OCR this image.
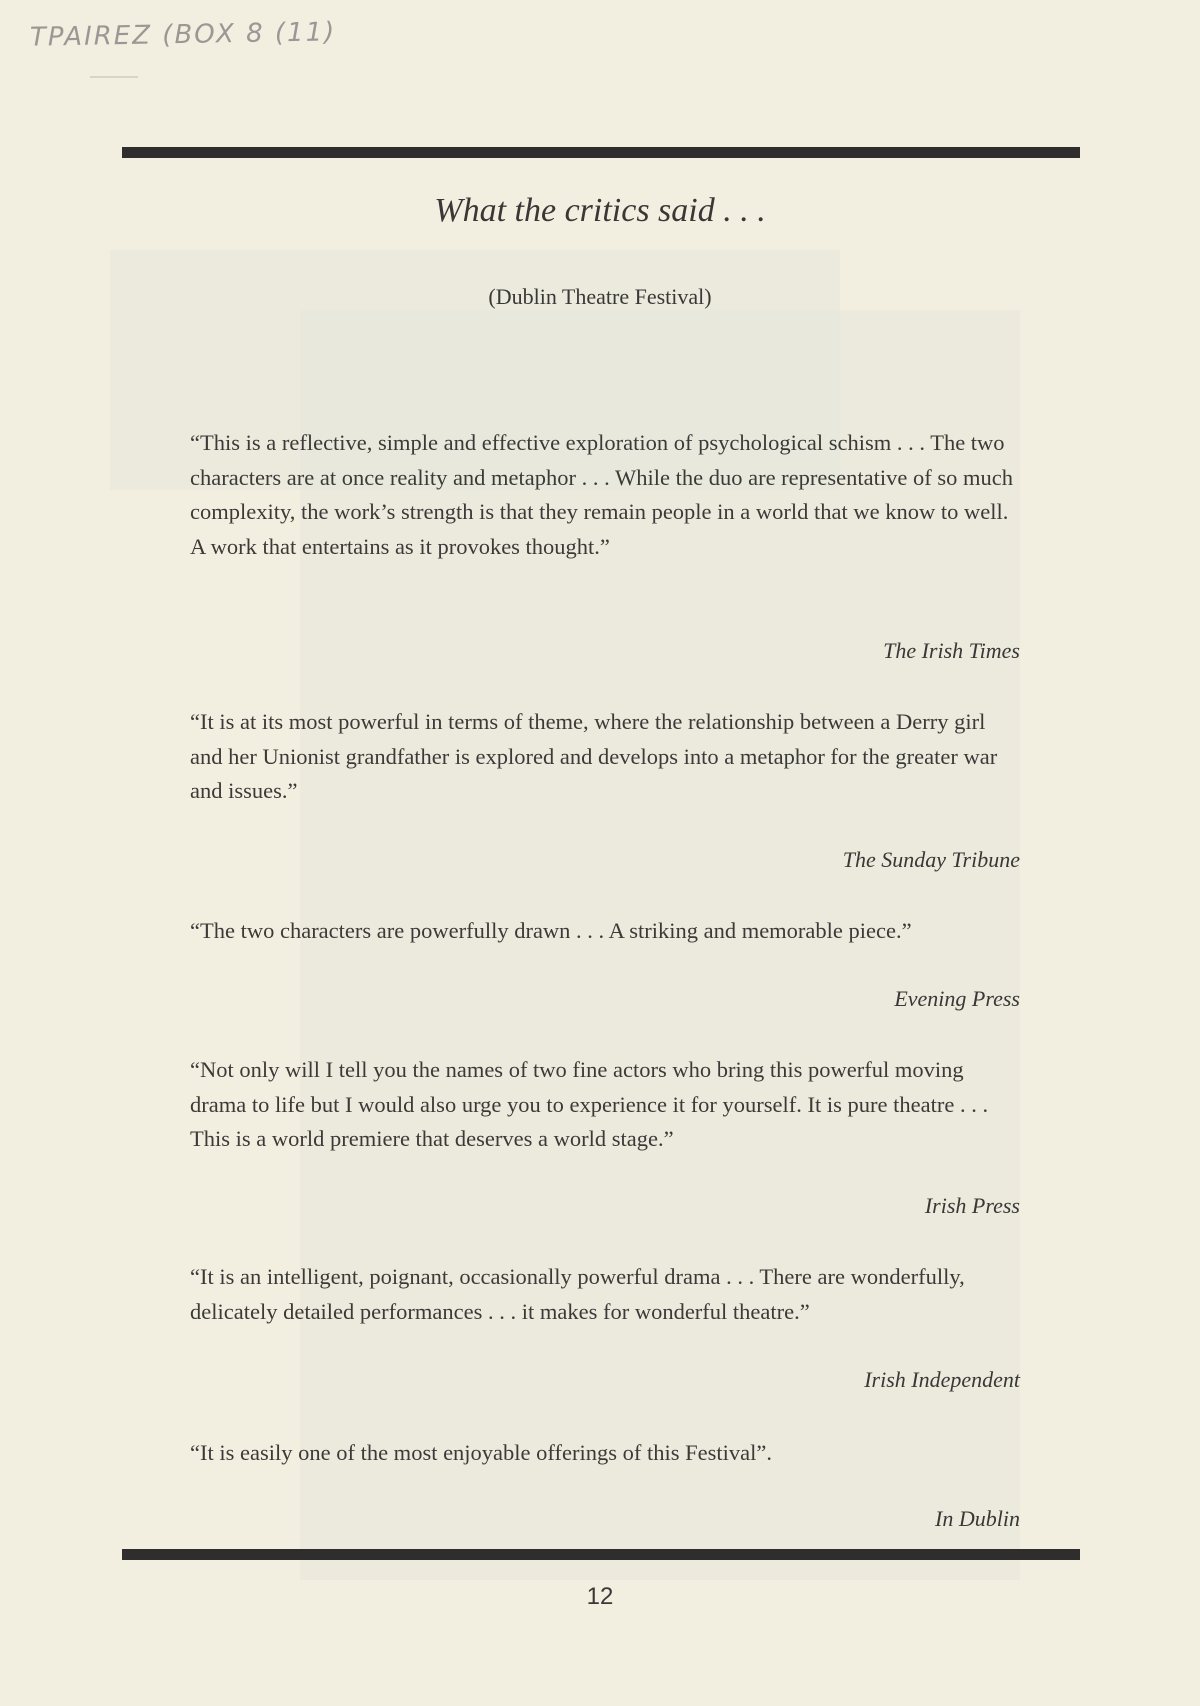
TPAIREZ (BOX 8 (11)
What the critics said . . .
(Dublin Theatre Festival)

“This is a reflective, simple and effective exploration of psychological schism . . . The two characters are at once reality and metaphor . . . While the duo are representative of so much complexity, the work’s strength is that they remain people in a world that we know to well. A work that entertains as it provokes thought.”

The Irish Times

“It is at its most powerful in terms of theme, where the relationship between a Derry girl and her Unionist grandfather is explored and develops into a metaphor for the greater war and issues.”

The Sunday Tribune

“The two characters are powerfully drawn . . . A striking and memorable piece.”

Evening Press

“Not only will I tell you the names of two fine actors who bring this powerful moving drama to life but I would also urge you to experience it for yourself. It is pure theatre . . . This is a world premiere that deserves a world stage.”

Irish Press

“It is an intelligent, poignant, occasionally powerful drama . . . There are wonderfully, delicately detailed performances . . . it makes for wonderful theatre.”

Irish Independent

“It is easily one of the most enjoyable offerings of this Festival”.

In Dublin
12
